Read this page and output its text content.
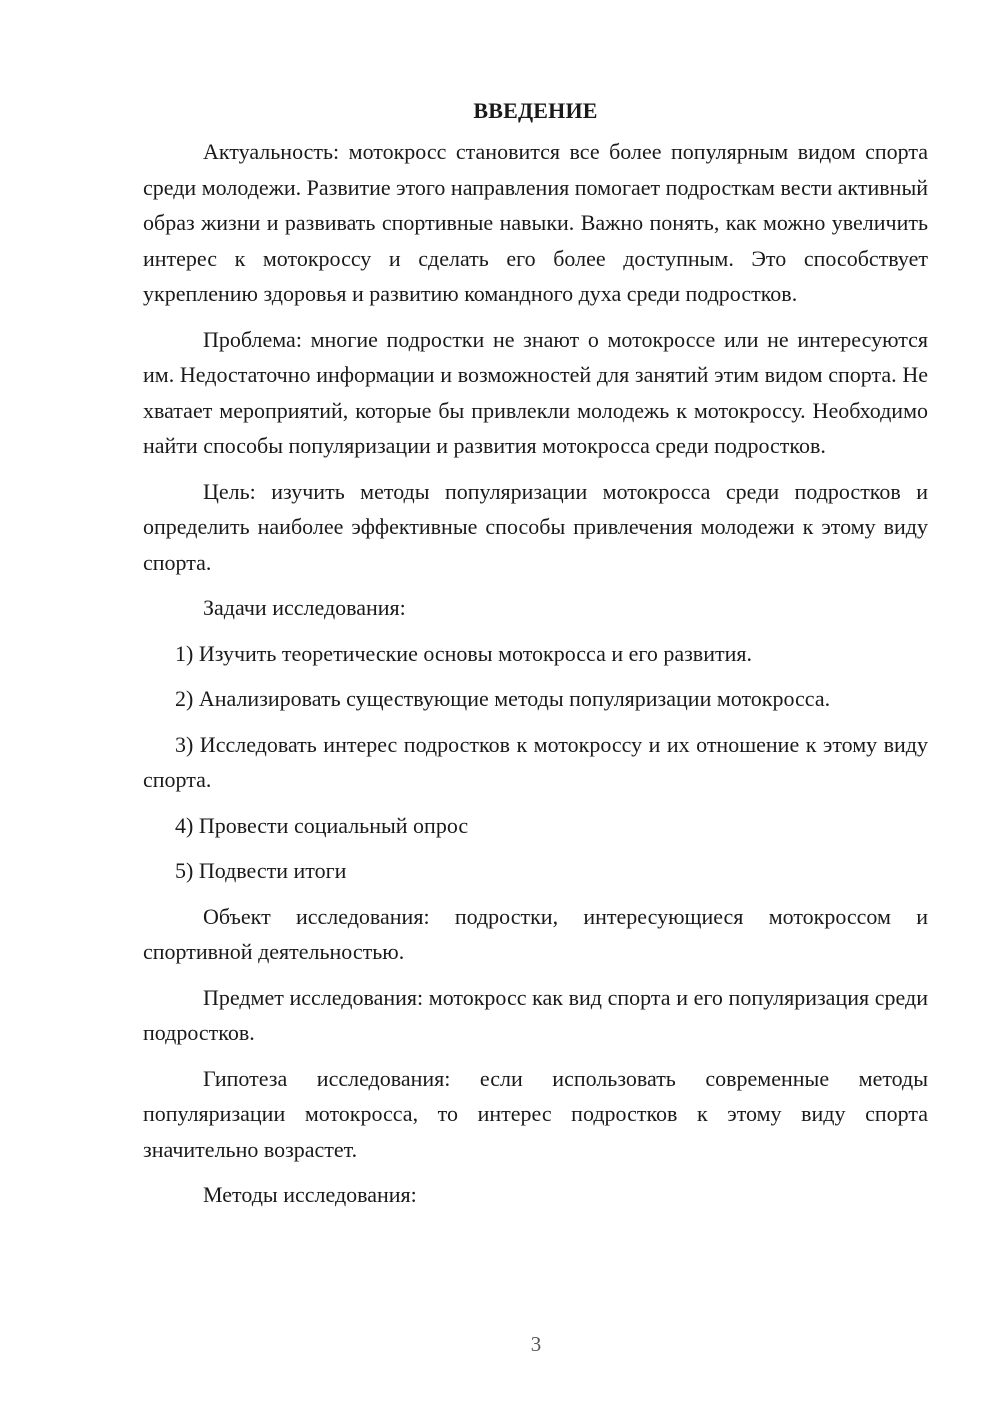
ВВЕДЕНИЕ

Актуальность: мотокросс становится все более популярным видом спорта среди молодежи. Развитие этого направления помогает подросткам вести активный образ жизни и развивать спортивные навыки. Важно понять, как можно увеличить интерес к мотокроссу и сделать его более доступным. Это способствует укреплению здоровья и развитию командного духа среди подростков.

Проблема: многие подростки не знают о мотокроссе или не интересуются им. Недостаточно информации и возможностей для занятий этим видом спорта. Не хватает мероприятий, которые бы привлекли молодежь к мотокроссу. Необходимо найти способы популяризации и развития мотокросса среди подростков.

Цель: изучить методы популяризации мотокросса среди подростков и определить наиболее эффективные способы привлечения молодежи к этому виду спорта.

Задачи исследования:

1) Изучить теоретические основы мотокросса и его развития.

2) Анализировать существующие методы популяризации мотокросса.

3) Исследовать интерес подростков к мотокроссу и их отношение к этому виду спорта.

4) Провести социальный опрос

5) Подвести итоги

Объект исследования: подростки, интересующиеся мотокроссом и спортивной деятельностью.

Предмет исследования: мотокросс как вид спорта и его популяризация среди подростков.

Гипотеза исследования: если использовать современные методы популяризации мотокросса, то интерес подростков к этому виду спорта значительно возрастет.

Методы исследования:

3
